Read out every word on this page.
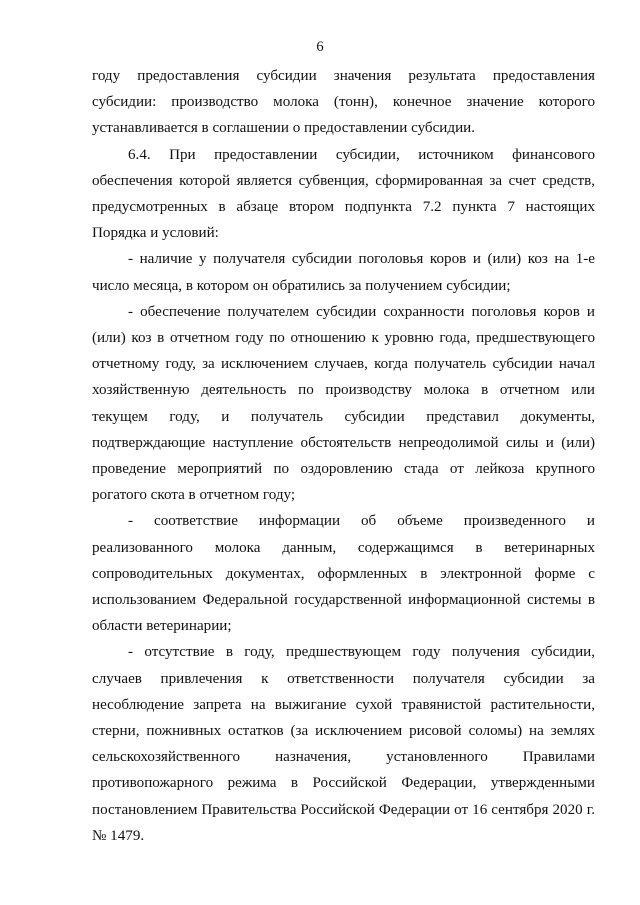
6

году предоставления субсидии значения результата предоставления субсидии: производство молока (тонн), конечное значение которого устанавливается в соглашении о предоставлении субсидии.

6.4. При предоставлении субсидии, источником финансового обеспечения которой является субвенция, сформированная за счет средств, предусмотренных в абзаце втором подпункта 7.2 пункта 7 настоящих Порядка и условий:

- наличие у получателя субсидии поголовья коров и (или) коз на 1-е число месяца, в котором он обратились за получением субсидии;

- обеспечение получателем субсидии сохранности поголовья коров и (или) коз в отчетном году по отношению к уровню года, предшествующего отчетному году, за исключением случаев, когда получатель субсидии начал хозяйственную деятельность по производству молока в отчетном или текущем году, и получатель субсидии представил документы, подтверждающие наступление обстоятельств непреодолимой силы и (или) проведение мероприятий по оздоровлению стада от лейкоза крупного рогатого скота в отчетном году;

- соответствие информации об объеме произведенного и реализованного молока данным, содержащимся в ветеринарных сопроводительных документах, оформленных в электронной форме с использованием Федеральной государственной информационной системы в области ветеринарии;

- отсутствие в году, предшествующем году получения субсидии, случаев привлечения к ответственности получателя субсидии за несоблюдение запрета на выжигание сухой травянистой растительности, стерни, пожнивных остатков (за исключением рисовой соломы) на землях сельскохозяйственного назначения, установленного Правилами противопожарного режима в Российской Федерации, утвержденными постановлением Правительства Российской Федерации от 16 сентября 2020 г. № 1479.
